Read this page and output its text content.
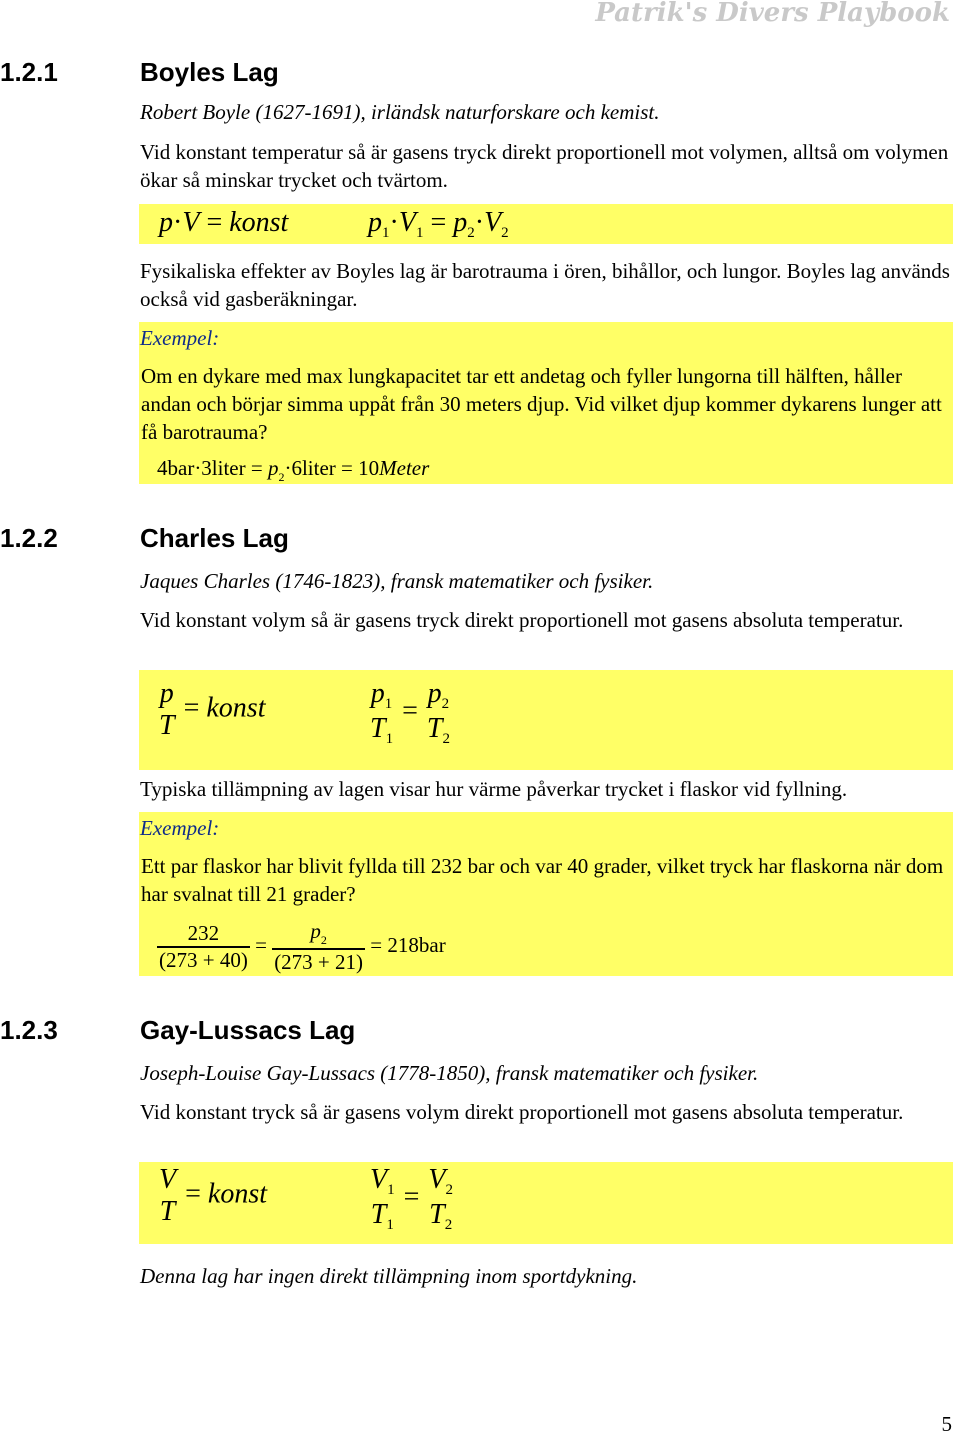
Patrik's Divers Playbook
1.2.1	Boyles Lag
Robert Boyle (1627-1691), irländsk naturforskare och kemist.
Vid konstant temperatur så är gasens tryck direkt proportionell mot volymen, alltså om volymen ökar så minskar trycket och tvärtom.
p·V = konst	$p_1\cdot V_1 = p_2\cdot V_2$
Fysikaliska effekter av Boyles lag är barotrauma i ören, bihållor, och lungor. Boyles lag används också vid gasberäkningar.
Om en dykare med max lungkapacitet tar ett andetag och fyller lungorna till hälften, håller andan och börjar simma uppåt från 30 meters djup. Vid vilket djup kommer dykarens lunger att få barotrauma?
4bar·3liter = $p_2\cdot 6liter$ = 10Meter
Exempel:
1.2.2	Charles Lag
Jaques Charles (1746-1823), fransk matematiker och fysiker.
Vid konstant volym så är gasens tryck direkt proportionell mot gasens absoluta temperatur.
p
T
= konst	$p_1$
$T_1$
=
$p_2$
$T_2$
Typiska tillämpning av lagen visar hur värme påverkar trycket i flaskor vid fyllning.
Ett par flaskor har blivit fyllda till 232 bar och var 40 grader, vilket tryck har flaskorna när dom har svalnat till 21 grader?
$\frac{232}{(273 + 40)} = \frac{p_2}{(273 + 21)} = 218bar$
Exempel:
1.2.3	Gay-Lussacs Lag
Joseph-Louise Gay-Lussacs (1778-1850), fransk matematiker och fysiker.
Vid konstant tryck så är gasens volym direkt proportionell mot gasens absoluta temperatur.
V
T
= konst	$V_1$
$T_1$
=
$V_2$
$T_2$
Denna lag har ingen direkt tillämpning inom sportdykning.
5
